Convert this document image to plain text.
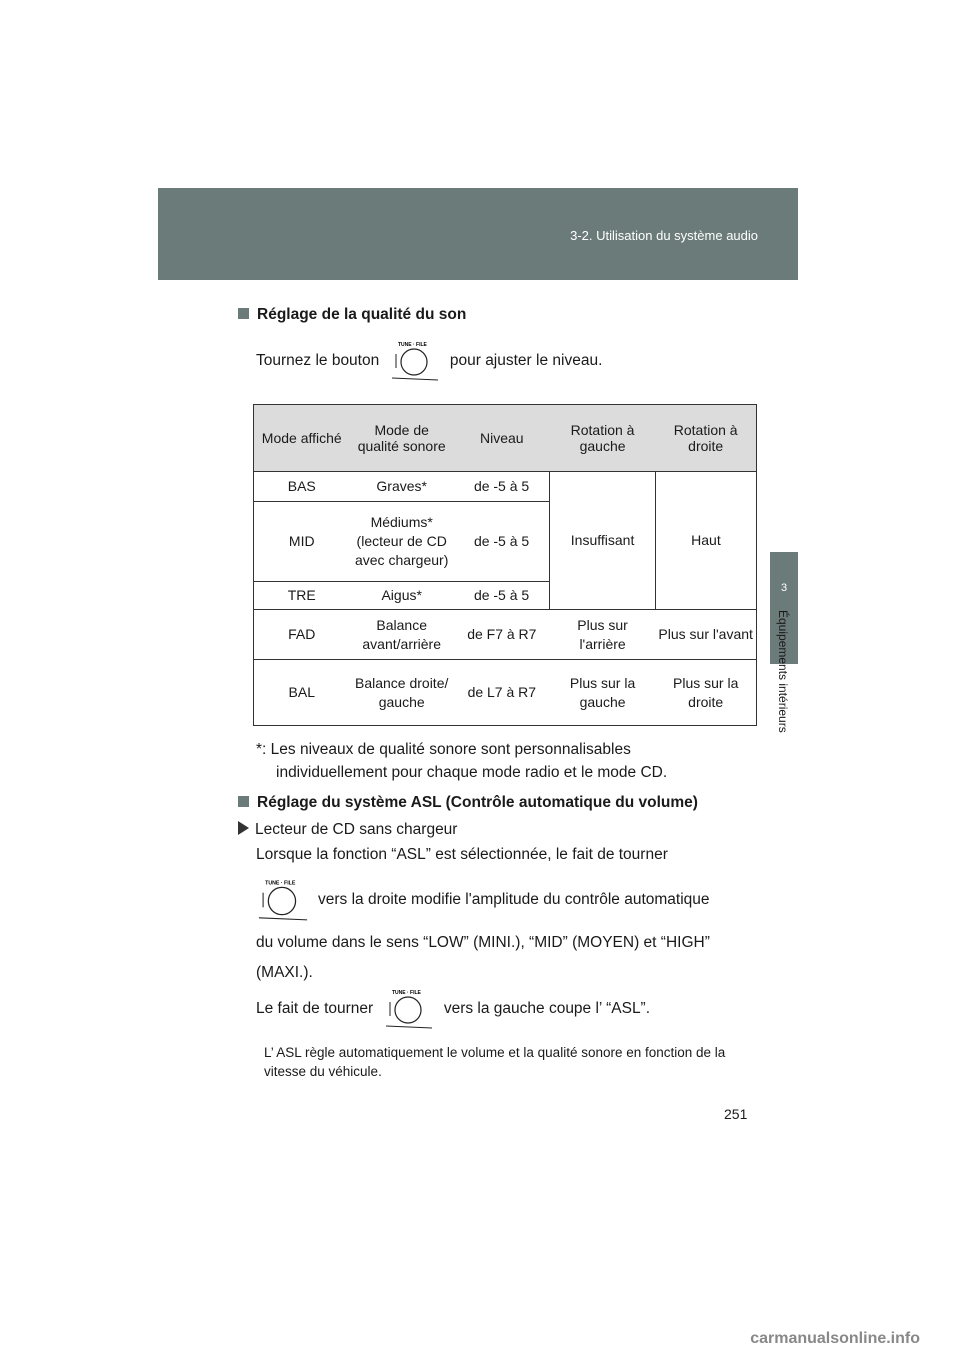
3-2. Utilisation du système audio
3
Équipements intérieurs
Réglage de la qualité du son
Tournez le bouton
TUNE · FILE
pour ajuster le niveau.
Mode affiché	Mode de qualité sonore	Niveau	Rotation à gauche	Rotation à droite
BAS	Graves*	de -5 à 5	Insuffisant	Haut
MID	Médiums* (lecteur de CD avec chargeur)	de -5 à 5		
TRE	Aigus*	de -5 à 5		
FAD	Balance avant/arrière	de F7 à R7	Plus sur l'arrière	Plus sur l'avant
BAL	Balance droite/ gauche	de L7 à R7	Plus sur la gauche	Plus sur la droite
*: Les niveaux de qualité sonore sont personnalisables
individuellement pour chaque mode radio et le mode CD.
Réglage du système ASL (Contrôle automatique du volume)
Lecteur de CD sans chargeur
Lorsque la fonction “ASL” est sélectionnée, le fait de tourner
TUNE · FILE
vers la droite modifie l'amplitude du contrôle automatique
du volume dans le sens “LOW” (MINI.), “MID” (MOYEN) et “HIGH”
(MAXI.).
Le fait de tourner
TUNE · FILE
vers la gauche coupe l’ “ASL”.
L’ ASL règle automatiquement le volume et la qualité sonore en fonction de la vitesse du véhicule.
251
carmanualsonline.info
